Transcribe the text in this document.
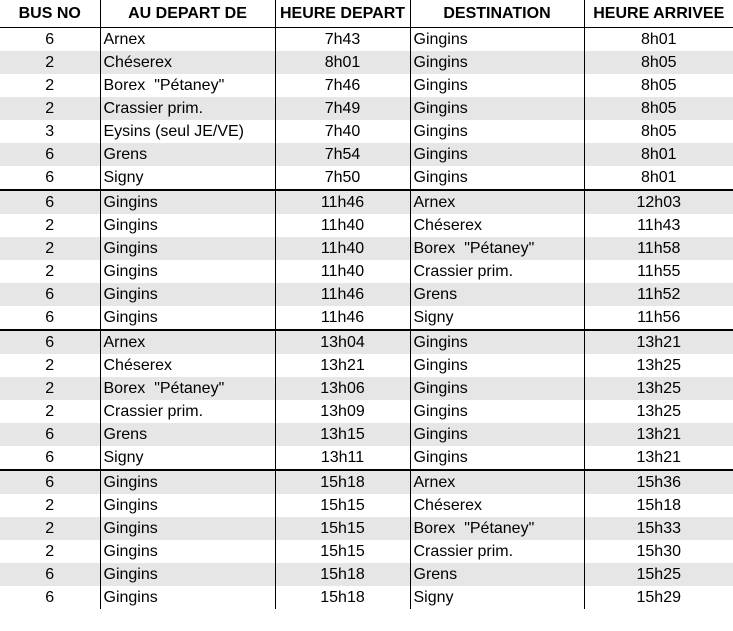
BUS NO	AU DEPART DE	HEURE DEPART	DESTINATION	HEURE ARRIVEE
6	Arnex	7h43	Gingins	8h01
2	Chéserex	8h01	Gingins	8h05
2	Borex  "Pétaney"	7h46	Gingins	8h05
2	Crassier prim.	7h49	Gingins	8h05
3	Eysins (seul JE/VE)	7h40	Gingins	8h05
6	Grens	7h54	Gingins	8h01
6	Signy	7h50	Gingins	8h01
6	Gingins	11h46	Arnex	12h03
2	Gingins	11h40	Chéserex	11h43
2	Gingins	11h40	Borex  "Pétaney"	11h58
2	Gingins	11h40	Crassier prim.	11h55
6	Gingins	11h46	Grens	11h52
6	Gingins	11h46	Signy	11h56
6	Arnex	13h04	Gingins	13h21
2	Chéserex	13h21	Gingins	13h25
2	Borex  "Pétaney"	13h06	Gingins	13h25
2	Crassier prim.	13h09	Gingins	13h25
6	Grens	13h15	Gingins	13h21
6	Signy	13h11	Gingins	13h21
6	Gingins	15h18	Arnex	15h36
2	Gingins	15h15	Chéserex	15h18
2	Gingins	15h15	Borex  "Pétaney"	15h33
2	Gingins	15h15	Crassier prim.	15h30
6	Gingins	15h18	Grens	15h25
6	Gingins	15h18	Signy	15h29
